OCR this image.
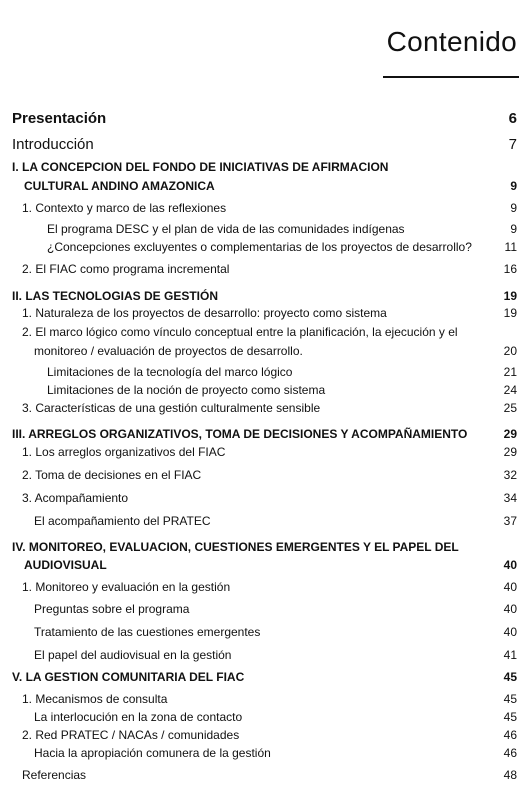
Contenido
Presentación	6
Introducción	7
I. LA CONCEPCION DEL FONDO DE INICIATIVAS DE AFIRMACION
CULTURAL ANDINO AMAZONICA	9
1. Contexto y marco de las reflexiones	9
El programa DESC y el plan de vida de las comunidades indígenas	9
¿Concepciones excluyentes o complementarias de los proyectos de desarrollo?	11
2. El FIAC como programa incremental	16
II. LAS TECNOLOGIAS DE GESTIÓN	19
1. Naturaleza de los proyectos de desarrollo: proyecto como sistema	19
2. El marco lógico como vínculo conceptual entre la planificación, la ejecución y el
monitoreo / evaluación de proyectos de desarrollo.	20
Limitaciones de la tecnología del marco lógico	21
Limitaciones de la noción de proyecto como sistema	24
3. Características de una gestión culturalmente sensible	25
III. ARREGLOS ORGANIZATIVOS, TOMA DE DECISIONES Y ACOMPAÑAMIENTO	29
1. Los arreglos organizativos del FIAC	29
2. Toma de decisiones en el FIAC	32
3. Acompañamiento	34
El acompañamiento del PRATEC	37
IV. MONITOREO, EVALUACION, CUESTIONES EMERGENTES Y EL PAPEL DEL
AUDIOVISUAL	40
1. Monitoreo y evaluación en la gestión	40
Preguntas sobre el programa	40
Tratamiento de las cuestiones emergentes	40
El papel del audiovisual en la gestión	41
V. LA GESTION COMUNITARIA DEL FIAC	45
1. Mecanismos de consulta	45
La interlocución en la zona de contacto	45
2. Red PRATEC / NACAs / comunidades	46
Hacia la apropiación comunera de la gestión	46
Referencias	48
